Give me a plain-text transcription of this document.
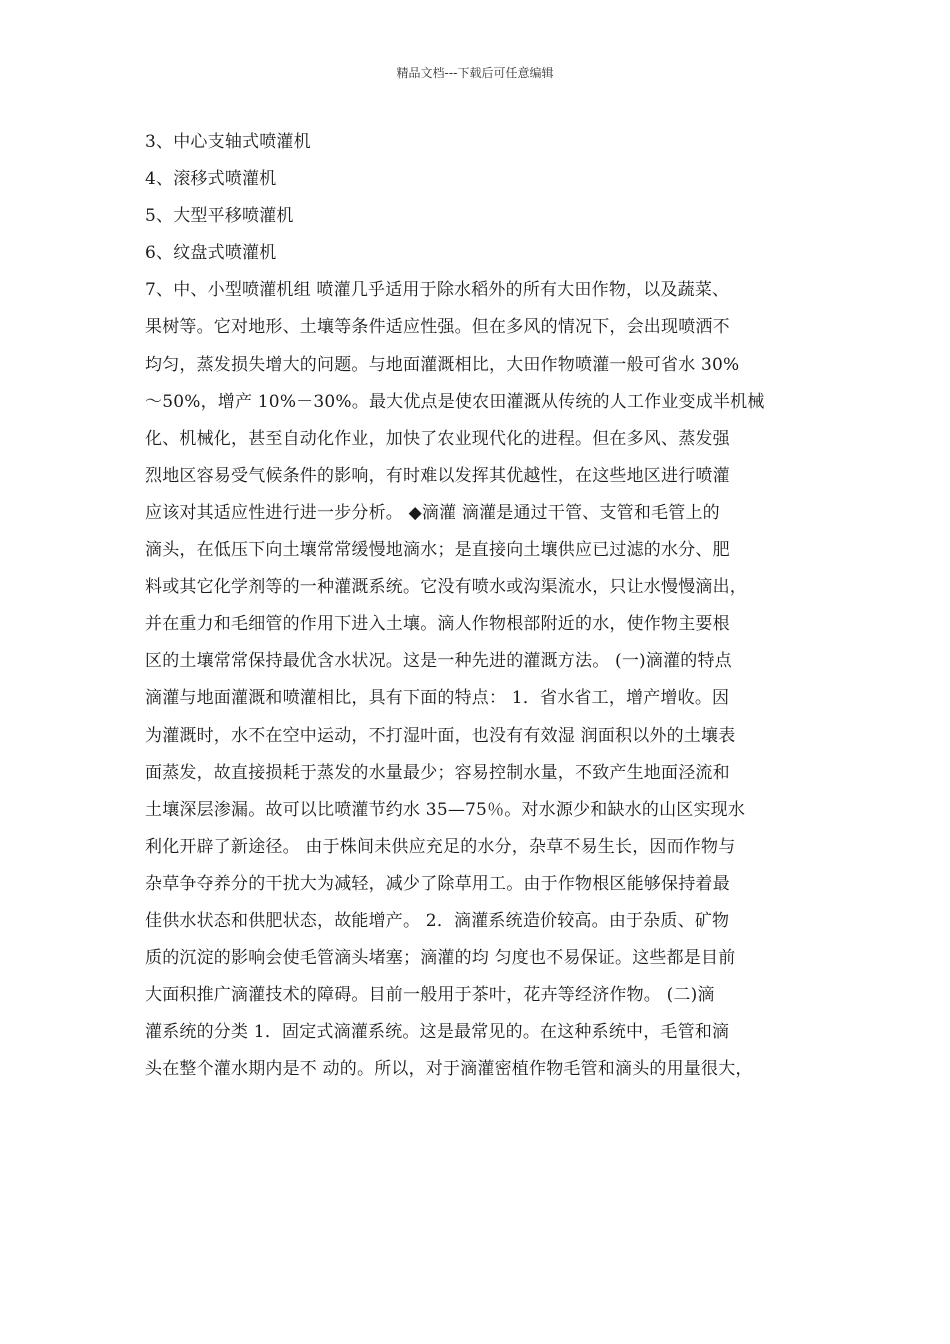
精品文档---下载后可任意编辑
3、中心支轴式喷灌机
4、滚移式喷灌机
5、大型平移喷灌机
6、纹盘式喷灌机
7、中、小型喷灌机组 喷灌几乎适用于除水稻外的所有大田作物，以及蔬菜、
果树等。它对地形、土壤等条件适应性强。但在多风的情况下，会出现喷洒不
均匀，蒸发损失增大的问题。与地面灌溉相比，大田作物喷灌一般可省水 30%
～50%，增产 10%－30%。最大优点是使农田灌溉从传统的人工作业变成半机械
化、机械化，甚至自动化作业，加快了农业现代化的进程。但在多风、蒸发强
烈地区容易受气候条件的影响，有时难以发挥其优越性，在这些地区进行喷灌
应该对其适应性进行进一步分析。 ◆滴灌 滴灌是通过干管、支管和毛管上的
滴头，在低压下向土壤常常缓慢地滴水；是直接向土壤供应已过滤的水分、肥
料或其它化学剂等的一种灌溉系统。它没有喷水或沟渠流水，只让水慢慢滴出，
并在重力和毛细管的作用下进入土壤。滴人作物根部附近的水，使作物主要根
区的土壤常常保持最优含水状况。这是一种先进的灌溉方法。 (一)滴灌的特点
滴灌与地面灌溉和喷灌相比，具有下面的特点： 1．省水省工，增产增收。因
为灌溉时，水不在空中运动，不打湿叶面，也没有有效湿 润面积以外的土壤表
面蒸发，故直接损耗于蒸发的水量最少；容易控制水量，不致产生地面泾流和
土壤深层渗漏。故可以比喷灌节约水 35—75％。对水源少和缺水的山区实现水
利化开辟了新途径。 由于株间未供应充足的水分，杂草不易生长，因而作物与
杂草争夺养分的干扰大为减轻，减少了除草用工。由于作物根区能够保持着最
佳供水状态和供肥状态，故能增产。 2．滴灌系统造价较高。由于杂质、矿物
质的沉淀的影响会使毛管滴头堵塞；滴灌的均 匀度也不易保证。这些都是目前
大面积推广滴灌技术的障碍。目前一般用于茶叶，花卉等经济作物。 (二)滴
灌系统的分类 1．固定式滴灌系统。这是最常见的。在这种系统中，毛管和滴
头在整个灌水期内是不 动的。所以，对于滴灌密植作物毛管和滴头的用量很大，
